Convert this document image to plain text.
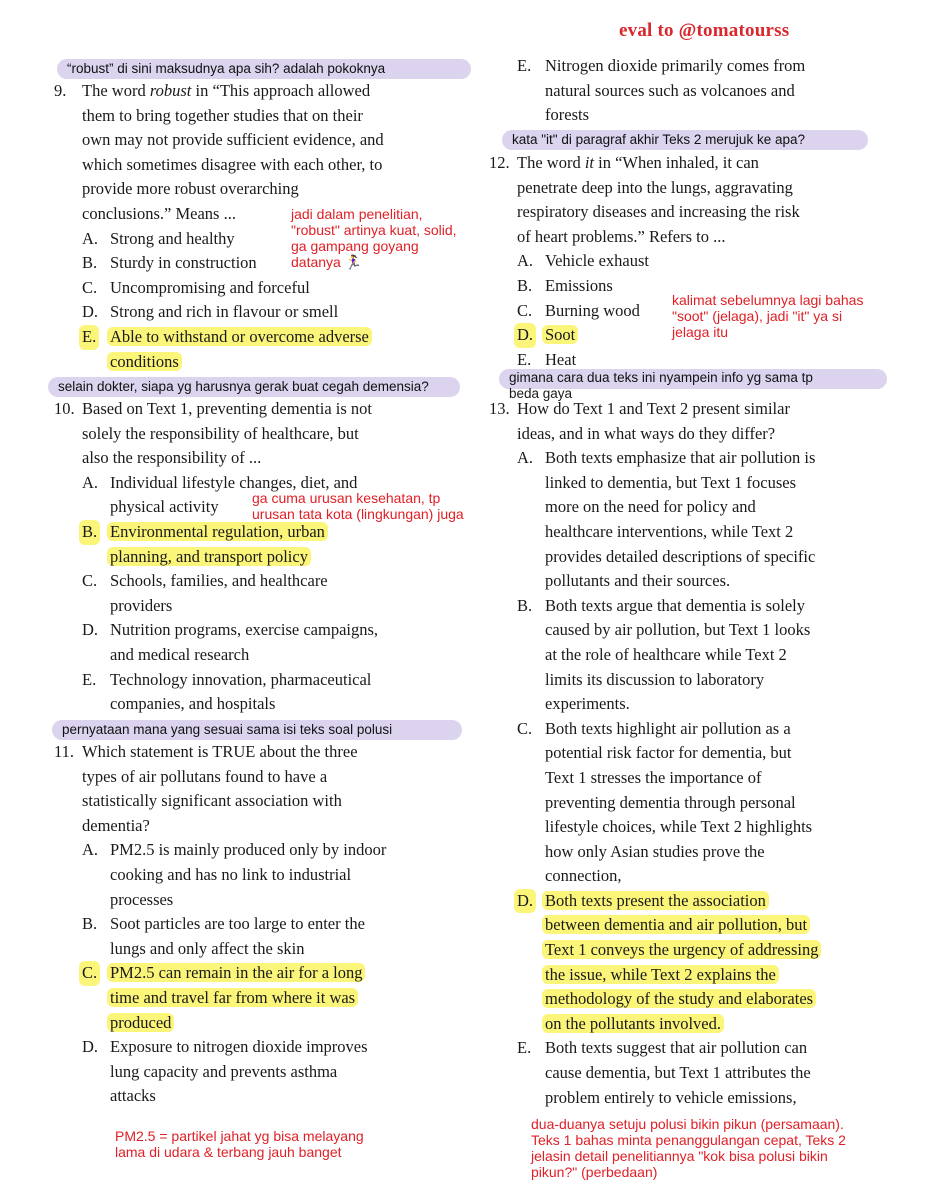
eval to @tomatourss
“robust” di sini maksudnya apa sih? adalah pokoknya
selain dokter, siapa yg harusnya gerak buat cegah demensia?
pernyataan mana yang sesuai sama isi teks soal polusi
kata "it" di paragraf akhir Teks 2 merujuk ke apa?
gimana cara dua teks ini nyampein info yg sama tp
beda gaya
jadi dalam penelitian,
"robust" artinya kuat, solid,
ga gampang goyang
datanya 🏃‍♀️
ga cuma urusan kesehatan, tp
urusan tata kota (lingkungan) juga
PM2.5 = partikel jahat yg bisa melayang
lama di udara & terbang jauh banget
kalimat sebelumnya lagi bahas
"soot" (jelaga), jadi "it" ya si
jelaga itu
dua-duanya setuju polusi bikin pikun (persamaan).
Teks 1 bahas minta penanggulangan cepat, Teks 2
jelasin detail penelitiannya "kok bisa polusi bikin
pikun?" (perbedaan)
9. The word robust in “This approach allowed
them to bring together studies that on their
own may not provide sufficient evidence, and
which sometimes disagree with each other, to
provide more robust overarching
conclusions.” Means ...
A. Strong and healthy
B. Sturdy in construction
C. Uncompromising and forceful
D. Strong and rich in flavour or smell
E. Able to withstand or overcome adverse
conditions
10. Based on Text 1, preventing dementia is not
solely the responsibility of healthcare, but
also the responsibility of ...
A. Individual lifestyle changes, diet, and
physical activity
B. Environmental regulation, urban
planning, and transport policy
C. Schools, families, and healthcare
providers
D. Nutrition programs, exercise campaigns,
and medical research
E. Technology innovation, pharmaceutical
companies, and hospitals
11. Which statement is TRUE about the three
types of air pollutans found to have a
statistically significant association with
dementia?
A. PM2.5 is mainly produced only by indoor
cooking and has no link to industrial
processes
B. Soot particles are too large to enter the
lungs and only affect the skin
C. PM2.5 can remain in the air for a long
time and travel far from where it was
produced
D. Exposure to nitrogen dioxide improves
lung capacity and prevents asthma
attacks
E. Nitrogen dioxide primarily comes from
natural sources such as volcanoes and
forests
12. The word it in “When inhaled, it can
penetrate deep into the lungs, aggravating
respiratory diseases and increasing the risk
of heart problems.” Refers to ...
A. Vehicle exhaust
B. Emissions
C. Burning wood
D. Soot
E. Heat
13. How do Text 1 and Text 2 present similar
ideas, and in what ways do they differ?
A. Both texts emphasize that air pollution is
linked to dementia, but Text 1 focuses
more on the need for policy and
healthcare interventions, while Text 2
provides detailed descriptions of specific
pollutants and their sources.
B. Both texts argue that dementia is solely
caused by air pollution, but Text 1 looks
at the role of healthcare while Text 2
limits its discussion to laboratory
experiments.
C. Both texts highlight air pollution as a
potential risk factor for dementia, but
Text 1 stresses the importance of
preventing dementia through personal
lifestyle choices, while Text 2 highlights
how only Asian studies prove the
connection,
D. Both texts present the association
between dementia and air pollution, but
Text 1 conveys the urgency of addressing
the issue, while Text 2 explains the
methodology of the study and elaborates
on the pollutants involved.
E. Both texts suggest that air pollution can
cause dementia, but Text 1 attributes the
problem entirely to vehicle emissions,
